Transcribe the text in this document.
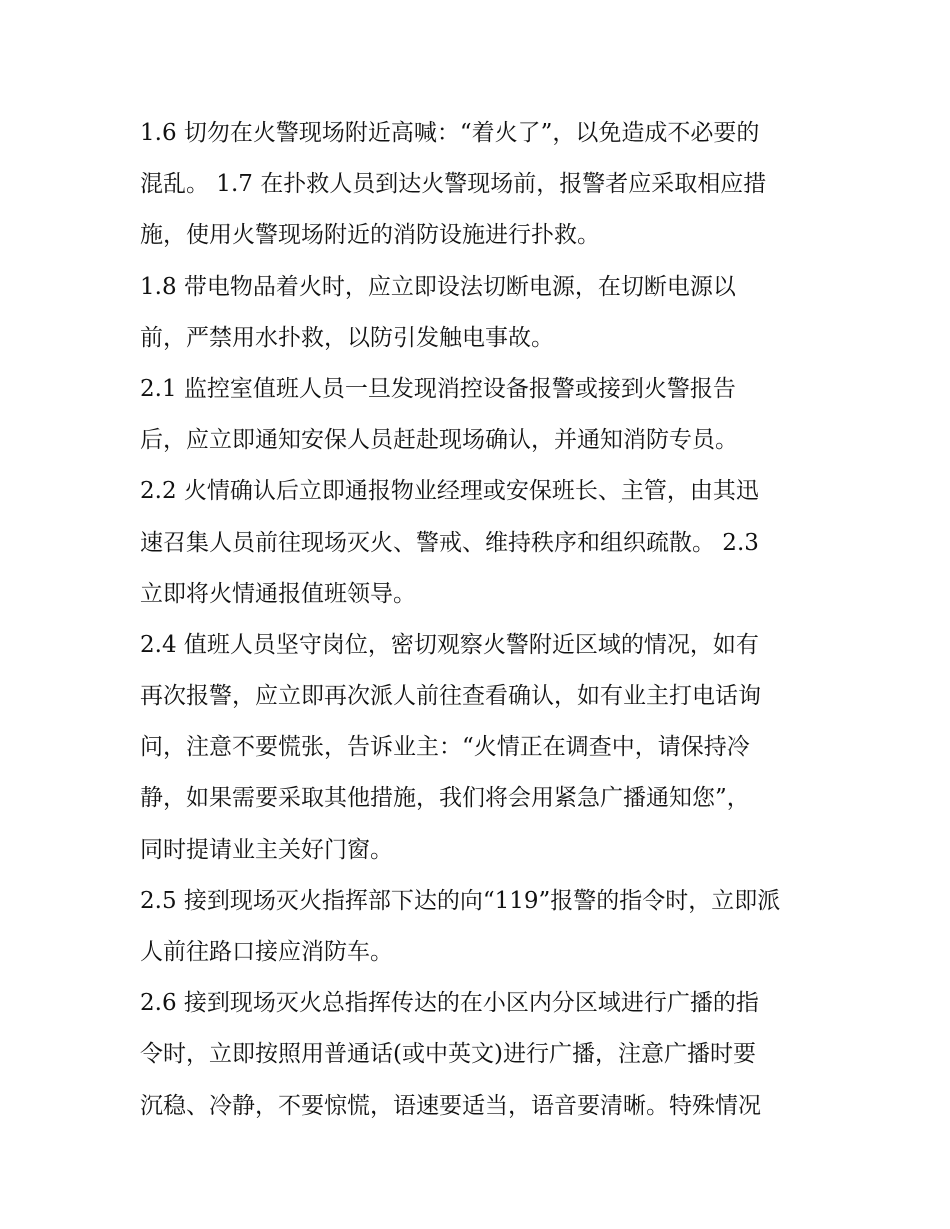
1.6 切勿在火警现场附近高喊：“着火了”，以免造成不必要的
混乱。 1.7 在扑救人员到达火警现场前，报警者应采取相应措
施，使用火警现场附近的消防设施进行扑救。
1.8 带电物品着火时，应立即设法切断电源，在切断电源以
前，严禁用水扑救，以防引发触电事故。
2.1 监控室值班人员一旦发现消控设备报警或接到火警报告
后，应立即通知安保人员赶赴现场确认，并通知消防专员。
2.2 火情确认后立即通报物业经理或安保班长、主管，由其迅
速召集人员前往现场灭火、警戒、维持秩序和组织疏散。 2.3
立即将火情通报值班领导。
2.4 值班人员坚守岗位，密切观察火警附近区域的情况，如有
再次报警，应立即再次派人前往查看确认，如有业主打电话询
问，注意不要慌张，告诉业主：“火情正在调查中，请保持冷
静，如果需要采取其他措施，我们将会用紧急广播通知您”，
同时提请业主关好门窗。
2.5 接到现场灭火指挥部下达的向“119”报警的指令时，立即派
人前往路口接应消防车。
2.6 接到现场灭火总指挥传达的在小区内分区域进行广播的指
令时，立即按照用普通话(或中英文)进行广播，注意广播时要
沉稳、冷静，不要惊慌，语速要适当，语音要清晰。特殊情况
